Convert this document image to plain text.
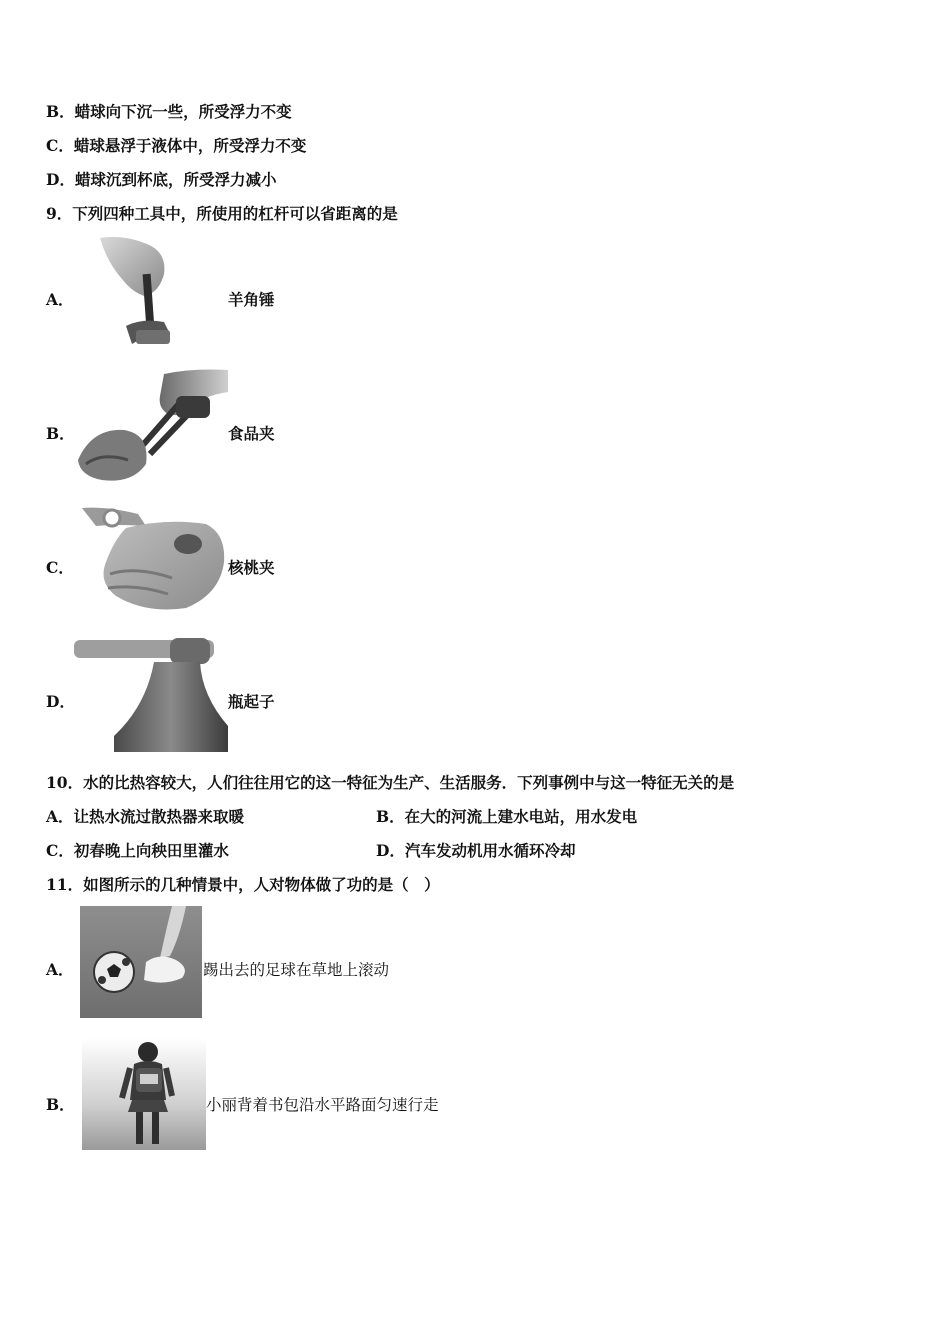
B．蜡球向下沉一些，所受浮力不变
C．蜡球悬浮于液体中，所受浮力不变
D．蜡球沉到杯底，所受浮力减小
9．下列四种工具中，所使用的杠杆可以省距离的是
A．	羊角锤
B．	食品夹
C．	核桃夹
D．	瓶起子
10．水的比热容较大，人们往往用它的这一特征为生产、生活服务．下列事例中与这一特征无关的是
A．让热水流过散热器来取暖	B．在大的河流上建水电站，用水发电
C．初春晚上向秧田里灌水	D．汽车发动机用水循环冷却
11．如图所示的几种情景中，人对物体做了功的是（　）
A．	踢出去的足球在草地上滚动
B．	小丽背着书包沿水平路面匀速行走
